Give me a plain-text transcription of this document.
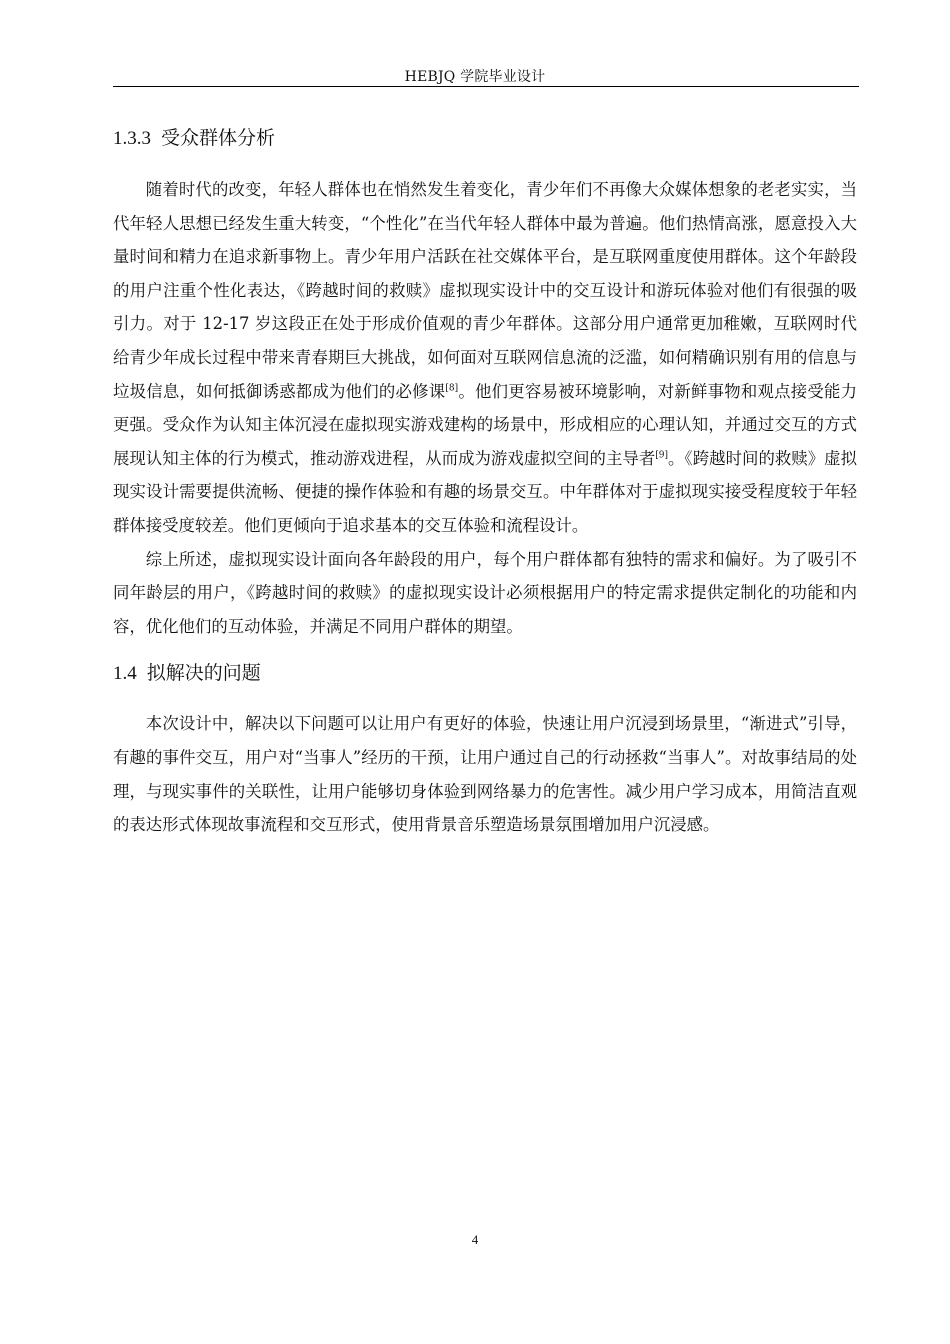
HEBJQ 学院毕业设计
1.3.3 受众群体分析

随着时代的改变，年轻人群体也在悄然发生着变化，青少年们不再像大众媒体想象的老老实实，当代年轻人思想已经发生重大转变，“个性化”在当代年轻人群体中最为普遍。他们热情高涨，愿意投入大量时间和精力在追求新事物上。青少年用户活跃在社交媒体平台，是互联网重度使用群体。这个年龄段的用户注重个性化表达，《跨越时间的救赎》虚拟现实设计中的交互设计和游玩体验对他们有很强的吸引力。对于 12-17 岁这段正在处于形成价值观的青少年群体。这部分用户通常更加稚嫩，互联网时代给青少年成长过程中带来青春期巨大挑战，如何面对互联网信息流的泛滥，如何精确识别有用的信息与垃圾信息，如何抵御诱惑都成为他们的必修课[8]。他们更容易被环境影响，对新鲜事物和观点接受能力更强。受众作为认知主体沉浸在虚拟现实游戏建构的场景中，形成相应的心理认知，并通过交互的方式展现认知主体的行为模式，推动游戏进程，从而成为游戏虚拟空间的主导者[9]。《跨越时间的救赎》虚拟现实设计需要提供流畅、便捷的操作体验和有趣的场景交互。中年群体对于虚拟现实接受程度较于年轻群体接受度较差。他们更倾向于追求基本的交互体验和流程设计。

综上所述，虚拟现实设计面向各年龄段的用户，每个用户群体都有独特的需求和偏好。为了吸引不同年龄层的用户，《跨越时间的救赎》的虚拟现实设计必须根据用户的特定需求提供定制化的功能和内容，优化他们的互动体验，并满足不同用户群体的期望。

1.4 拟解决的问题

本次设计中，解决以下问题可以让用户有更好的体验，快速让用户沉浸到场景里，“渐进式”引导，有趣的事件交互，用户对“当事人”经历的干预，让用户通过自己的行动拯救“当事人”。对故事结局的处理，与现实事件的关联性，让用户能够切身体验到网络暴力的危害性。减少用户学习成本，用简洁直观的表达形式体现故事流程和交互形式，使用背景音乐塑造场景氛围增加用户沉浸感。

4
